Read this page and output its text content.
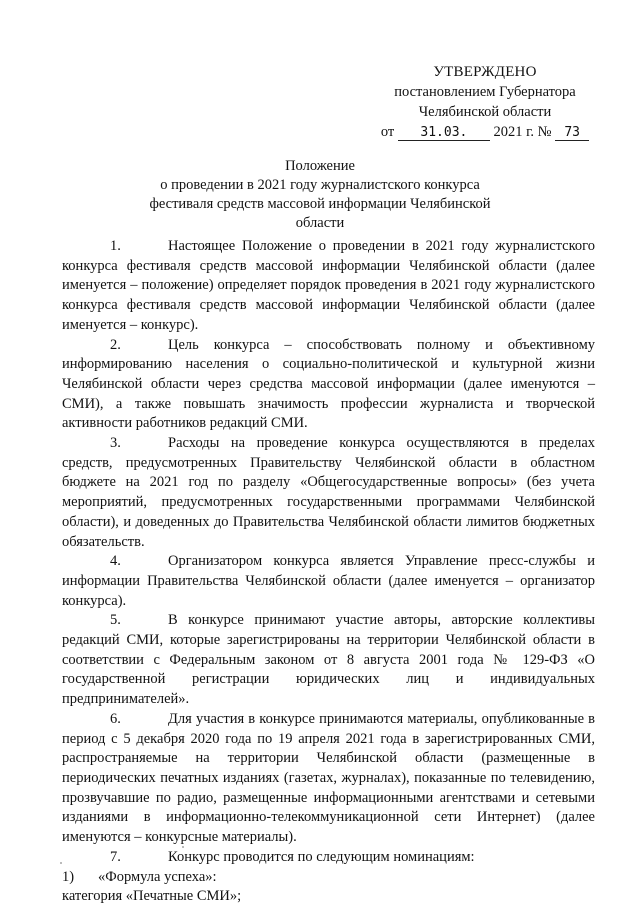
УТВЕРЖДЕНО
постановлением Губернатора
Челябинской области
от 31.03. 2021 г. № 73
Положение
о проведении в 2021 году журналистского конкурса
фестиваля средств массовой информации Челябинской
области

1.	Настоящее Положение о проведении в 2021 году журналистского конкурса фестиваля средств массовой информации Челябинской области (далее именуется – положение) определяет порядок проведения в 2021 году журналистского конкурса фестиваля средств массовой информации Челябинской области (далее именуется – конкурс).

2.	Цель конкурса – способствовать полному и объективному информированию населения о социально-политической и культурной жизни Челябинской области через средства массовой информации (далее именуются – СМИ), а также повышать значимость профессии журналиста и творческой активности работников редакций СМИ.

3.	Расходы на проведение конкурса осуществляются в пределах средств, предусмотренных Правительству Челябинской области в областном бюджете на 2021 год по разделу «Общегосударственные вопросы» (без учета мероприятий, предусмотренных государственными программами Челябинской области), и доведенных до Правительства Челябинской области лимитов бюджетных обязательств.

4.	Организатором конкурса является Управление пресс-службы и информации Правительства Челябинской области (далее именуется – организатор конкурса).

5.	В конкурсе принимают участие авторы, авторские коллективы редакций СМИ, которые зарегистрированы на территории Челябинской области в соответствии с Федеральным законом от 8 августа 2001 года № 129-ФЗ «О государственной регистрации юридических лиц и индивидуальных предпринимателей».

6.	Для участия в конкурсе принимаются материалы, опубликованные в период с 5 декабря 2020 года по 19 апреля 2021 года в зарегистрированных СМИ, распространяемые на территории Челябинской области (размещенные в периодических печатных изданиях (газетах, журналах), показанные по телевидению, прозвучавшие по радио, размещенные информационными агентствами и сетевыми изданиями в информационно-телекоммуникационной сети Интернет) (далее именуются – конкурсные материалы).

7.	Конкурс проводится по следующим номинациям:

1) «Формула успеха»:

категория «Печатные СМИ»;
